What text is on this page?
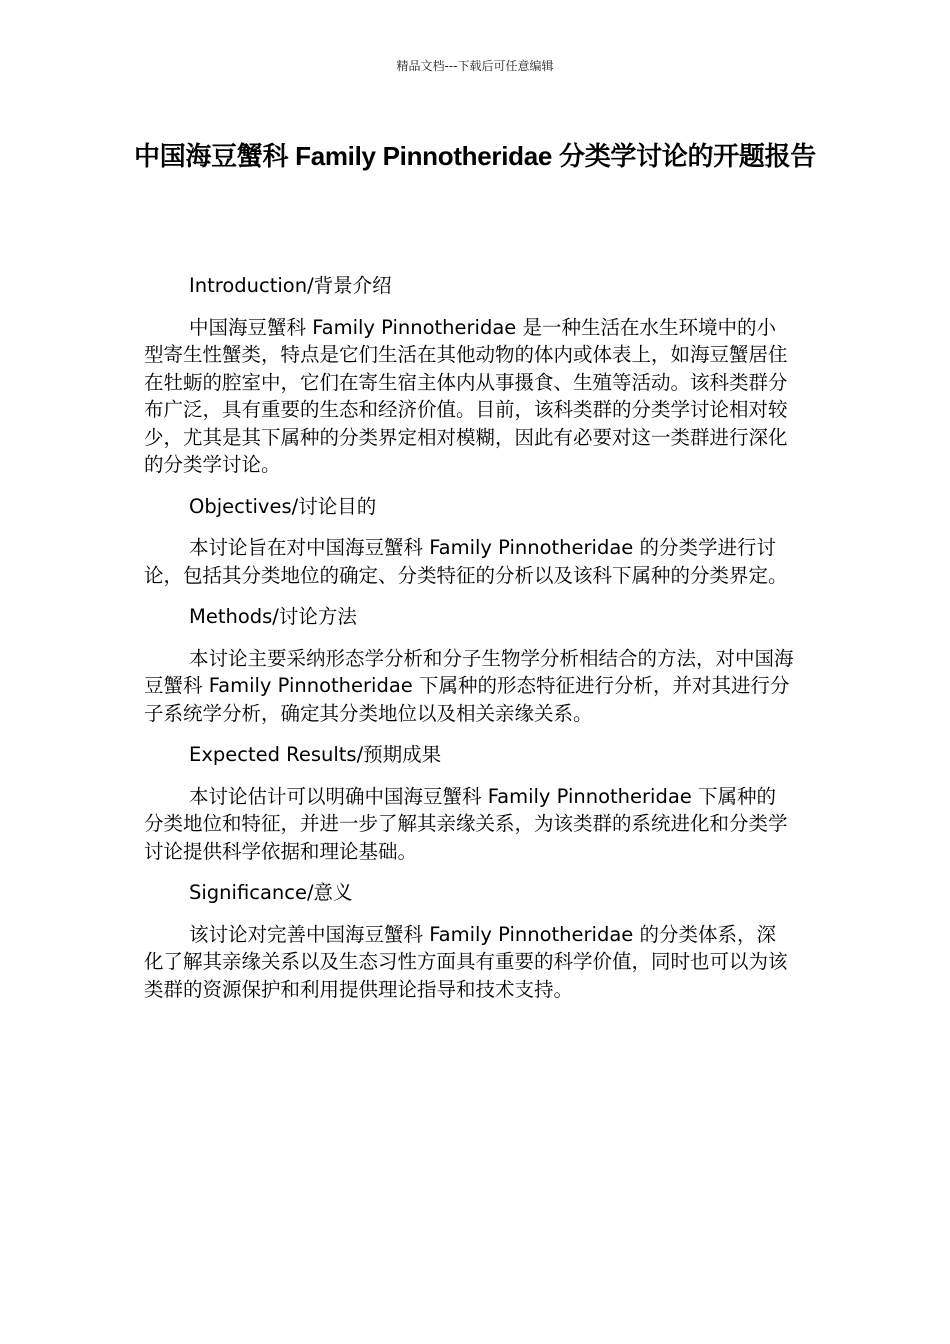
精品文档---下载后可任意编辑
中国海豆蟹科 Family Pinnotheridae 分类学讨论的开题报告

Introduction/背景介绍

中国海豆蟹科 Family Pinnotheridae 是一种生活在水生环境中的小型寄生性蟹类，特点是它们生活在其他动物的体内或体表上，如海豆蟹居住在牡蛎的腔室中，它们在寄生宿主体内从事摄食、生殖等活动。该科类群分布广泛，具有重要的生态和经济价值。目前，该科类群的分类学讨论相对较少，尤其是其下属种的分类界定相对模糊，因此有必要对这一类群进行深化的分类学讨论。

Objectives/讨论目的

本讨论旨在对中国海豆蟹科 Family Pinnotheridae 的分类学进行讨论，包括其分类地位的确定、分类特征的分析以及该科下属种的分类界定。

Methods/讨论方法

本讨论主要采纳形态学分析和分子生物学分析相结合的方法，对中国海豆蟹科 Family Pinnotheridae 下属种的形态特征进行分析，并对其进行分子系统学分析，确定其分类地位以及相关亲缘关系。

Expected Results/预期成果

本讨论估计可以明确中国海豆蟹科 Family Pinnotheridae 下属种的分类地位和特征，并进一步了解其亲缘关系，为该类群的系统进化和分类学讨论提供科学依据和理论基础。

Significance/意义

该讨论对完善中国海豆蟹科 Family Pinnotheridae 的分类体系，深化了解其亲缘关系以及生态习性方面具有重要的科学价值，同时也可以为该类群的资源保护和利用提供理论指导和技术支持。
